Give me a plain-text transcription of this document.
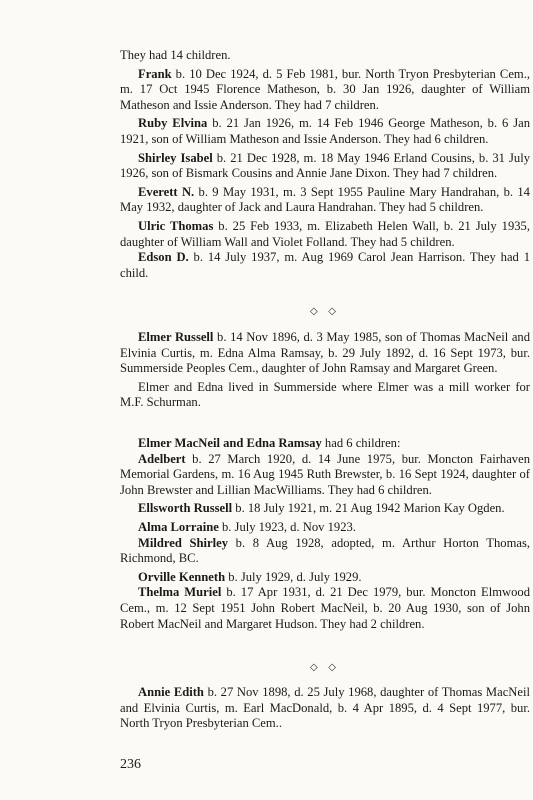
They had 14 children.

Frank b. 10 Dec 1924, d. 5 Feb 1981, bur. North Tryon Presbyterian Cem., m. 17 Oct 1945 Florence Matheson, b. 30 Jan 1926, daughter of William Matheson and Issie Anderson. They had 7 children.

Ruby Elvina b. 21 Jan 1926, m. 14 Feb 1946 George Matheson, b. 6 Jan 1921, son of William Matheson and Issie Anderson. They had 6 children.

Shirley Isabel b. 21 Dec 1928, m. 18 May 1946 Erland Cousins, b. 31 July 1926, son of Bismark Cousins and Annie Jane Dixon. They had 7 children.

Everett N. b. 9 May 1931, m. 3 Sept 1955 Pauline Mary Handrahan, b. 14 May 1932, daughter of Jack and Laura Handrahan. They had 5 children.

Ulric Thomas b. 25 Feb 1933, m. Elizabeth Helen Wall, b. 21 July 1935, daughter of William Wall and Violet Folland. They had 5 children.

Edson D. b. 14 July 1937, m. Aug 1969 Carol Jean Harrison. They had 1 child.

◇ ◇

Elmer Russell b. 14 Nov 1896, d. 3 May 1985, son of Thomas MacNeil and Elvinia Curtis, m. Edna Alma Ramsay, b. 29 July 1892, d. 16 Sept 1973, bur. Summerside Peoples Cem., daughter of John Ramsay and Margaret Green.

Elmer and Edna lived in Summerside where Elmer was a mill worker for M.F. Schurman.

Elmer MacNeil and Edna Ramsay had 6 children:

Adelbert b. 27 March 1920, d. 14 June 1975, bur. Moncton Fairhaven Memorial Gardens, m. 16 Aug 1945 Ruth Brewster, b. 16 Sept 1924, daughter of John Brewster and Lillian MacWilliams. They had 6 children.

Ellsworth Russell b. 18 July 1921, m. 21 Aug 1942 Marion Kay Ogden.

Alma Lorraine b. July 1923, d. Nov 1923.

Mildred Shirley b. 8 Aug 1928, adopted, m. Arthur Horton Thomas, Richmond, BC.

Orville Kenneth b. July 1929, d. July 1929.

Thelma Muriel b. 17 Apr 1931, d. 21 Dec 1979, bur. Moncton Elmwood Cem., m. 12 Sept 1951 John Robert MacNeil, b. 20 Aug 1930, son of John Robert MacNeil and Margaret Hudson. They had 2 children.

◇ ◇

Annie Edith b. 27 Nov 1898, d. 25 July 1968, daughter of Thomas MacNeil and Elvinia Curtis, m. Earl MacDonald, b. 4 Apr 1895, d. 4 Sept 1977, bur. North Tryon Presbyterian Cem..

236
